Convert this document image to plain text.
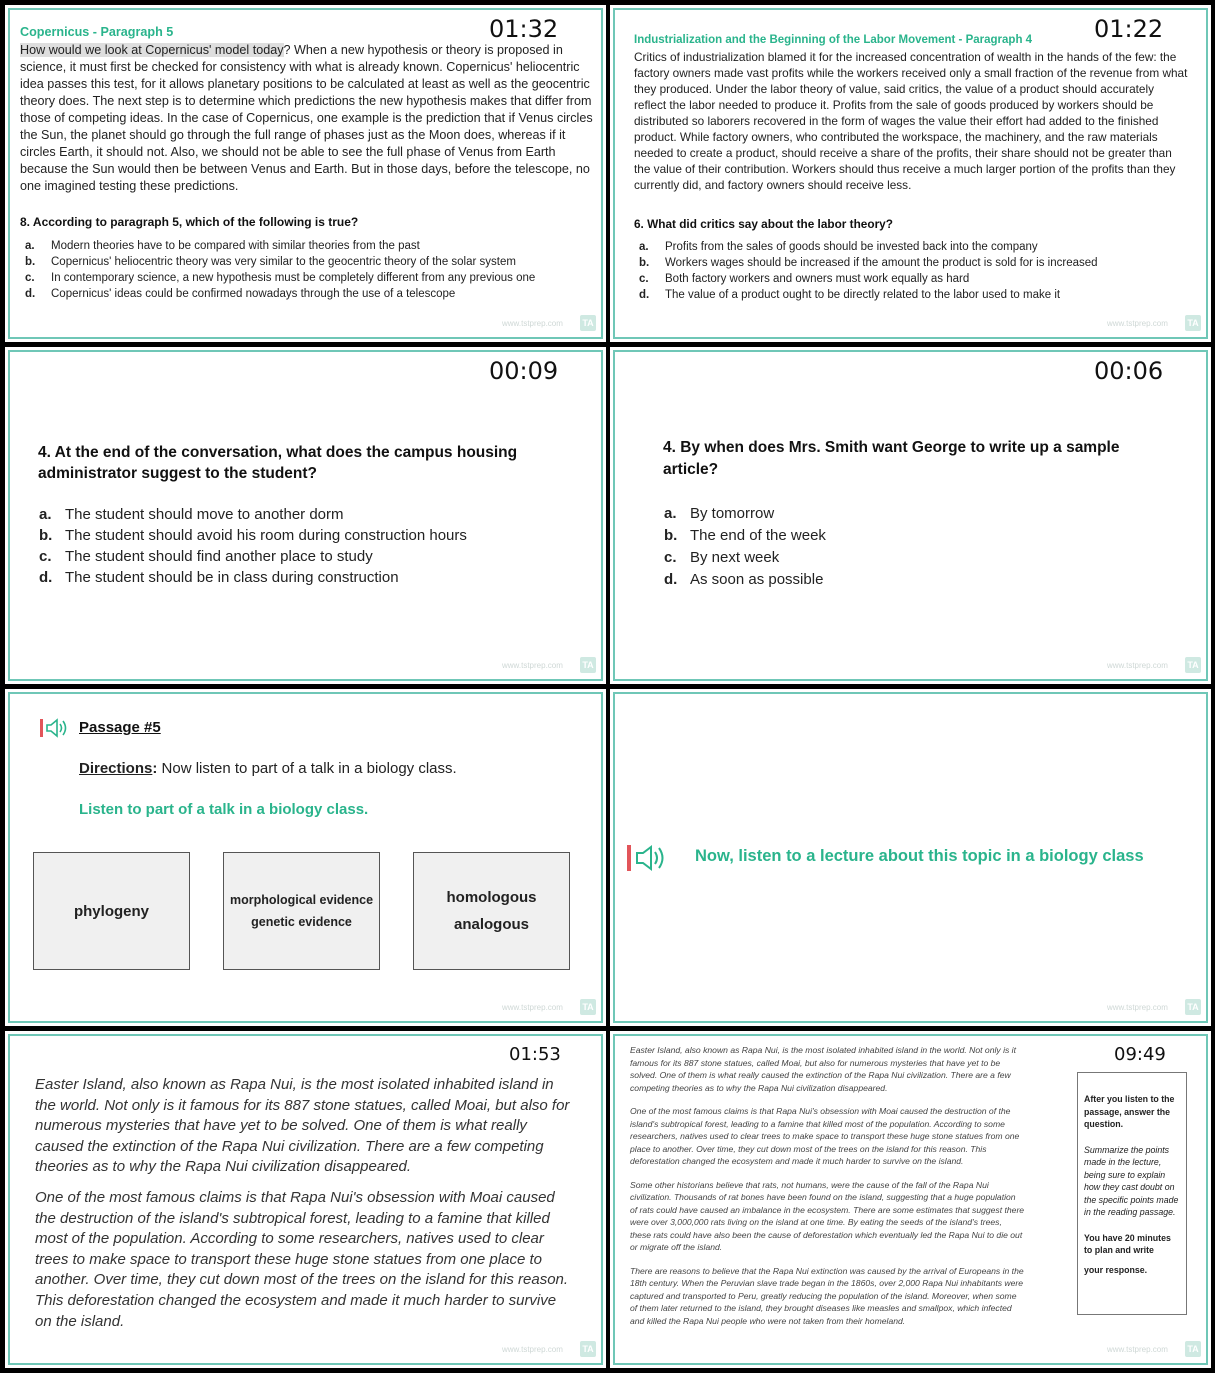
Copernicus - Paragraph 5	01:32
How would we look at Copernicus' model today? When a new hypothesis or theory is proposed in science, it must first be checked for consistency with what is already known. Copernicus' heliocentric idea passes this test, for it allows planetary positions to be calculated at least as well as the geocentric theory does. The next step is to determine which predictions the new hypothesis makes that differ from those of competing ideas. In the case of Copernicus, one example is the prediction that if Venus circles the Sun, the planet should go through the full range of phases just as the Moon does, whereas if it circles Earth, it should not. Also, we should not be able to see the full phase of Venus from Earth because the Sun would then be between Venus and Earth. But in those days, before the telescope, no one imagined testing these predictions.
8. According to paragraph 5, which of the following is true?
a. Modern theories have to be compared with similar theories from the past
b. Copernicus' heliocentric theory was very similar to the geocentric theory of the solar system
c. In contemporary science, a new hypothesis must be completely different from any previous one
d. Copernicus' ideas could be confirmed nowadays through the use of a telescope
www.tstprep.com TA
Industrialization and the Beginning of the Labor Movement - Paragraph 4	01:22
Critics of industrialization blamed it for the increased concentration of wealth in the hands of the few: the factory owners made vast profits while the workers received only a small fraction of the revenue from what they produced. Under the labor theory of value, said critics, the value of a product should accurately reflect the labor needed to produce it. Profits from the sale of goods produced by workers should be distributed so laborers recovered in the form of wages the value their effort had added to the finished product. While factory owners, who contributed the workspace, the machinery, and the raw materials needed to create a product, should receive a share of the profits, their share should not be greater than the value of their contribution. Workers should thus receive a much larger portion of the profits than they currently did, and factory owners should receive less.
6. What did critics say about the labor theory?
a. Profits from the sales of goods should be invested back into the company
b. Workers wages should be increased if the amount the product is sold for is increased
c. Both factory workers and owners must work equally as hard
d. The value of a product ought to be directly related to the labor used to make it
www.tstprep.com TA
00:09
4. At the end of the conversation, what does the campus housing administrator suggest to the student?
a. The student should move to another dorm
b. The student should avoid his room during construction hours
c. The student should find another place to study
d. The student should be in class during construction
www.tstprep.com TA
00:06
4. By when does Mrs. Smith want George to write up a sample article?
a. By tomorrow
b. The end of the week
c. By next week
d. As soon as possible
www.tstprep.com TA
Passage #5
Directions: Now listen to part of a talk in a biology class.
Listen to part of a talk in a biology class.
phylogeny
morphological evidence
genetic evidence
homologous
analogous
www.tstprep.com TA
Now, listen to a lecture about this topic in a biology class
www.tstprep.com TA
01:53
Easter Island, also known as Rapa Nui, is the most isolated inhabited island in the world. Not only is it famous for its 887 stone statues, called Moai, but also for numerous mysteries that have yet to be solved. One of them is what really caused the extinction of the Rapa Nui civilization. There are a few competing theories as to why the Rapa Nui civilization disappeared.
One of the most famous claims is that Rapa Nui's obsession with Moai caused the destruction of the island's subtropical forest, leading to a famine that killed most of the population. According to some researchers, natives used to clear trees to make space to transport these huge stone statues from one place to another. Over time, they cut down most of the trees on the island for this reason. This deforestation changed the ecosystem and made it much harder to survive on the island.
www.tstprep.com TA
Easter Island, also known as Rapa Nui, is the most isolated inhabited island in the world. Not only is it famous for its 887 stone statues, called Moai, but also for numerous mysteries that have yet to be solved. One of them is what really caused the extinction of the Rapa Nui civilization. There are a few competing theories as to why the Rapa Nui civilization disappeared.
One of the most famous claims is that Rapa Nui's obsession with Moai caused the destruction of the island's subtropical forest, leading to a famine that killed most of the population. According to some researchers, natives used to clear trees to make space to transport these huge stone statues from one place to another. Over time, they cut down most of the trees on the island for this reason. This deforestation changed the ecosystem and made it much harder to survive on the island.
Some other historians believe that rats, not humans, were the cause of the fall of the Rapa Nui civilization. Thousands of rat bones have been found on the island, suggesting that a huge population of rats could have caused an imbalance in the ecosystem. There are some estimates that suggest there were over 3,000,000 rats living on the island at one time. By eating the seeds of the island's trees, these rats could have also been the cause of deforestation which eventually led the Rapa Nui to die out or migrate off the island.
There are reasons to believe that the Rapa Nui extinction was caused by the arrival of Europeans in the 18th century. When the Peruvian slave trade began in the 1860s, over 2,000 Rapa Nui inhabitants were captured and transported to Peru, greatly reducing the population of the island. Moreover, when some of them later returned to the island, they brought diseases like measles and smallpox, which infected and killed the Rapa Nui people who were not taken from their homeland.
09:49
After you listen to the passage, answer the question.
Summarize the points made in the lecture, being sure to explain how they cast doubt on the specific points made in the reading passage.
You have 20 minutes to plan and write
your response.
www.tstprep.com TA
